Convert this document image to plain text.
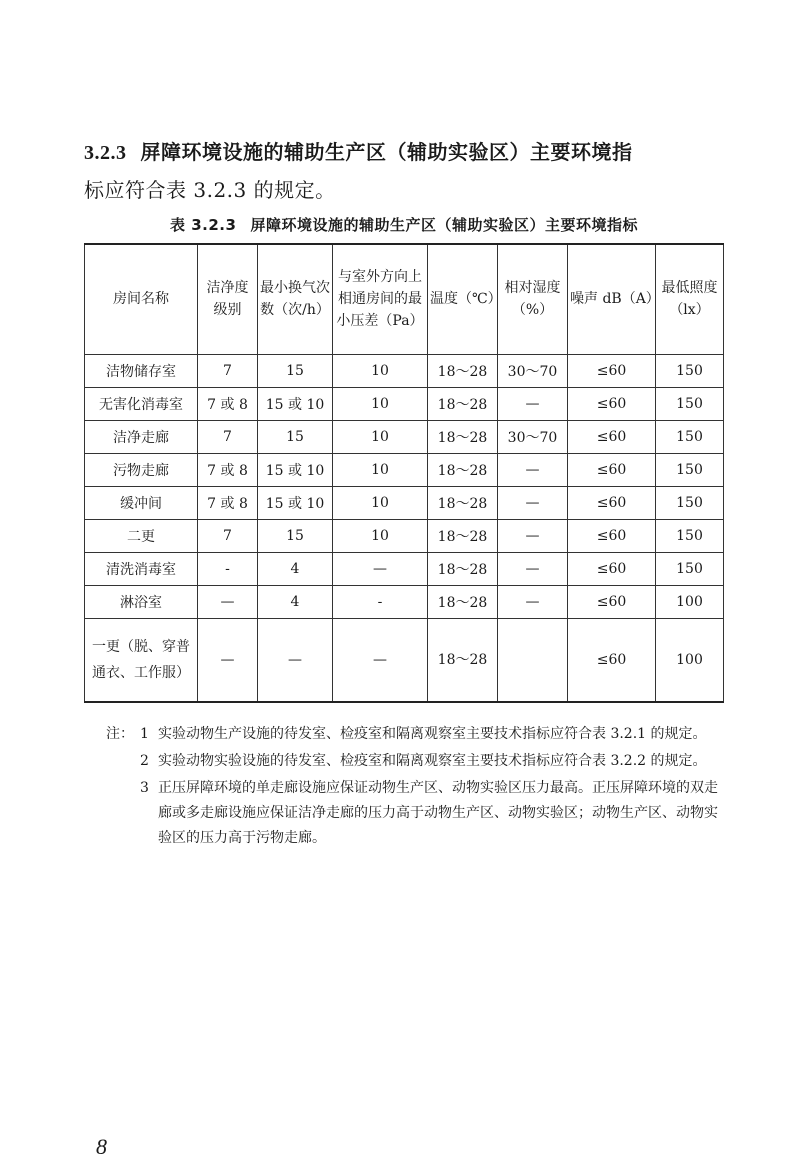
3.2.3 屏障环境设施的辅助生产区（辅助实验区）主要环境指
标应符合表 3.2.3 的规定。
表 3.2.3 屏障环境设施的辅助生产区（辅助实验区）主要环境指标
房间名称	洁净度级别	最小换气次数（次/h）	与室外方向上相通房间的最小压差（Pa）	温度（℃）	相对湿度（%）	噪声 dB（A）	最低照度（lx）
洁物储存室	7	15	10	18～28	30～70	≤60	150
无害化消毒室	7 或 8	15 或 10	10	18～28	—	≤60	150
洁净走廊	7	15	10	18～28	30～70	≤60	150
污物走廊	7 或 8	15 或 10	10	18～28	—	≤60	150
缓冲间	7 或 8	15 或 10	10	18～28	—	≤60	150
二更	7	15	10	18～28	—	≤60	150
清洗消毒室	-	4	—	18～28	—	≤60	150
淋浴室	—	4	-	18～28	—	≤60	100
一更（脱、穿普通衣、工作服）	—	—	—	18～28		≤60	100
注： 1 实验动物生产设施的待发室、检疫室和隔离观察室主要技术指标应符合表 3.2.1 的规定。
2 实验动物实验设施的待发室、检疫室和隔离观察室主要技术指标应符合表 3.2.2 的规定。
3 正压屏障环境的单走廊设施应保证动物生产区、动物实验区压力最高。正压屏障环境的双走廊或多走廊设施应保证洁净走廊的压力高于动物生产区、动物实验区；动物生产区、动物实验区的压力高于污物走廊。
8
